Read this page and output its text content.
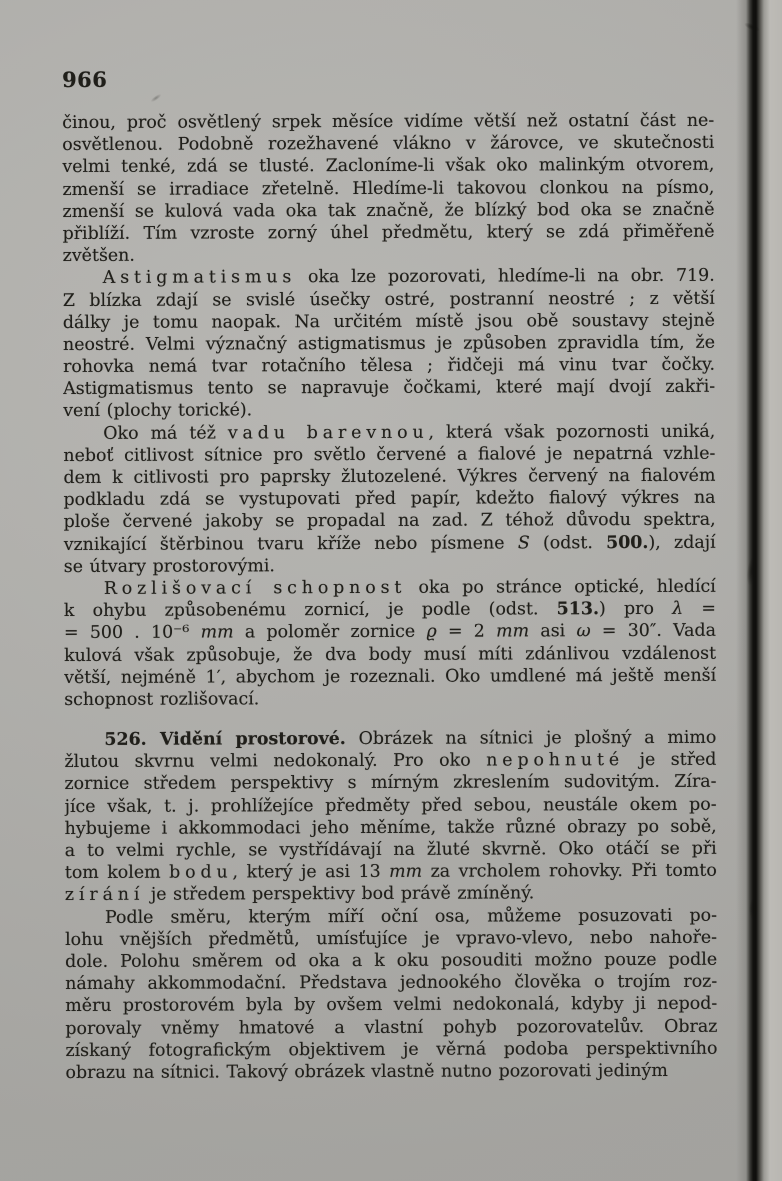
966
činou, proč osvětlený srpek měsíce vidíme větší než ostatní část ne-
osvětlenou. Podobně rozežhavené vlákno v žárovce, ve skutečnosti
velmi tenké, zdá se tlusté. Zacloníme-li však oko malinkým otvorem,
zmenší se irradiace zřetelně. Hledíme-li takovou clonkou na písmo,
zmenší se kulová vada oka tak značně, že blízký bod oka se značně
přiblíží. Tím vzroste zorný úhel předmětu, který se zdá přiměřeně
zvětšen.
Astigmatismus oka lze pozorovati, hledíme-li na obr. 719.
Z blízka zdají se svislé úsečky ostré, postranní neostré ; z větší
dálky je tomu naopak. Na určitém místě jsou obě soustavy stejně
neostré. Velmi význačný astigmatismus je způsoben zpravidla tím, že
rohovka nemá tvar rotačního tělesa ; řidčeji má vinu tvar čočky.
Astigmatismus tento se napravuje čočkami, které mají dvojí zakři-
vení (plochy torické).
Oko má též vadu barevnou, která však pozornosti uniká,
neboť citlivost sítnice pro světlo červené a fialové je nepatrná vzhle-
dem k citlivosti pro paprsky žlutozelené. Výkres červený na fialovém
podkladu zdá se vystupovati před papír, kdežto fialový výkres na
ploše červené jakoby se propadal na zad. Z téhož důvodu spektra,
vznikající štěrbinou tvaru kříže nebo písmene S (odst. 500.), zdají
se útvary prostorovými.
Rozlišovací schopnost oka po stránce optické, hledící
k ohybu způsobenému zornicí, je podle (odst. 513.) pro λ =
= 500 . 10⁻⁶ mm a poloměr zornice ϱ = 2 mm asi ω = 30″. Vada
kulová však způsobuje, že dva body musí míti zdánlivou vzdálenost
větší, nejméně 1′, abychom je rozeznali. Oko umdlené má ještě menší
schopnost rozlišovací.
526. Vidění prostorové. Obrázek na sítnici je plošný a mimo
žlutou skvrnu velmi nedokonalý. Pro oko nepohnuté je střed
zornice středem perspektivy s mírným zkreslením sudovitým. Zíra-
jíce však, t. j. prohlížejíce předměty před sebou, neustále okem po-
hybujeme i akkommodaci jeho měníme, takže různé obrazy po sobě,
a to velmi rychle, se vystřídávají na žluté skvrně. Oko otáčí se při
tom kolem bodu, který je asi 13 mm za vrcholem rohovky. Při tomto
zírání je středem perspektivy bod právě zmíněný.
Podle směru, kterým míří oční osa, můžeme posuzovati po-
lohu vnějších předmětů, umísťujíce je vpravo-vlevo, nebo nahoře-
dole. Polohu směrem od oka a k oku posouditi možno pouze podle
námahy akkommodační. Představa jednookého člověka o trojím roz-
měru prostorovém byla by ovšem velmi nedokonalá, kdyby ji nepod-
porovaly vněmy hmatové a vlastní pohyb pozorovatelův. Obraz
získaný fotografickým objektivem je věrná podoba perspektivního
obrazu na sítnici. Takový obrázek vlastně nutno pozorovati jediným
